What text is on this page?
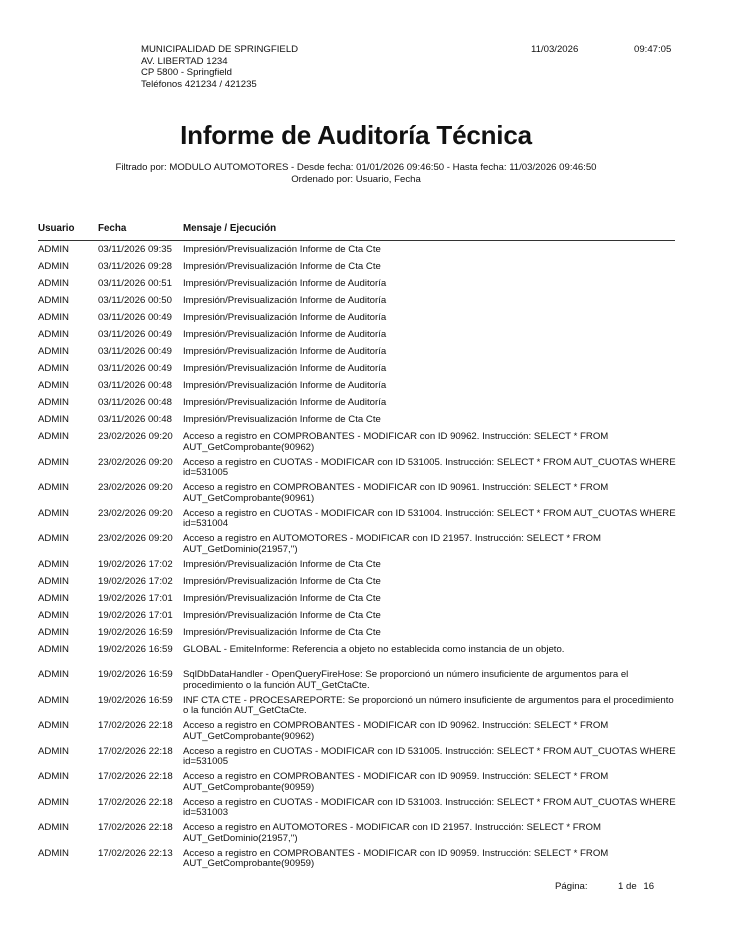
MUNICIPALIDAD DE SPRINGFIELD
AV. LIBERTAD 1234
CP 5800 - Springfield
Teléfonos 421234 / 421235
11/03/2026	09:47:05
Informe de Auditoría Técnica
Filtrado por: MODULO AUTOMOTORES - Desde fecha: 01/01/2026 09:46:50 - Hasta fecha: 11/03/2026 09:46:50
Ordenado por: Usuario, Fecha
Usuario Fecha	Mensaje / Ejecución
ADMIN	03/11/2026 09:35 Impresión/Previsualización Informe de Cta Cte
ADMIN	03/11/2026 09:28 Impresión/Previsualización Informe de Cta Cte
ADMIN	03/11/2026 00:51 Impresión/Previsualización Informe de Auditoría
ADMIN	03/11/2026 00:50 Impresión/Previsualización Informe de Auditoría
ADMIN	03/11/2026 00:49 Impresión/Previsualización Informe de Auditoría
ADMIN	03/11/2026 00:49 Impresión/Previsualización Informe de Auditoría
ADMIN	03/11/2026 00:49 Impresión/Previsualización Informe de Auditoría
ADMIN	03/11/2026 00:49 Impresión/Previsualización Informe de Auditoría
ADMIN	03/11/2026 00:48 Impresión/Previsualización Informe de Auditoría
ADMIN	03/11/2026 00:48 Impresión/Previsualización Informe de Auditoría
ADMIN	03/11/2026 00:48 Impresión/Previsualización Informe de Cta Cte
ADMIN	23/02/2026 09:20 Acceso a registro en COMPROBANTES - MODIFICAR con ID 90962. Instrucción: SELECT * FROM AUT_GetComprobante(90962)
ADMIN	23/02/2026 09:20 Acceso a registro en CUOTAS - MODIFICAR con ID 531005. Instrucción: SELECT * FROM AUT_CUOTAS WHERE id=531005
ADMIN	23/02/2026 09:20 Acceso a registro en COMPROBANTES - MODIFICAR con ID 90961. Instrucción: SELECT * FROM AUT_GetComprobante(90961)
ADMIN	23/02/2026 09:20 Acceso a registro en CUOTAS - MODIFICAR con ID 531004. Instrucción: SELECT * FROM AUT_CUOTAS WHERE id=531004
ADMIN	23/02/2026 09:20 Acceso a registro en AUTOMOTORES - MODIFICAR con ID 21957. Instrucción: SELECT * FROM AUT_GetDominio(21957,'')
ADMIN	19/02/2026 17:02 Impresión/Previsualización Informe de Cta Cte
ADMIN	19/02/2026 17:02 Impresión/Previsualización Informe de Cta Cte
ADMIN	19/02/2026 17:01 Impresión/Previsualización Informe de Cta Cte
ADMIN	19/02/2026 17:01 Impresión/Previsualización Informe de Cta Cte
ADMIN	19/02/2026 16:59 Impresión/Previsualización Informe de Cta Cte
ADMIN	19/02/2026 16:59 GLOBAL - EmiteInforme: Referencia a objeto no establecida como instancia de un objeto.
ADMIN	19/02/2026 16:59 SqlDbDataHandler - OpenQueryFireHose: Se proporcionó un número insuficiente de argumentos para el procedimiento o la función AUT_GetCtaCte.
ADMIN	19/02/2026 16:59 INF CTA CTE - PROCESAREPORTE: Se proporcionó un número insuficiente de argumentos para el procedimiento o la función AUT_GetCtaCte.
ADMIN	17/02/2026 22:18 Acceso a registro en COMPROBANTES - MODIFICAR con ID 90962. Instrucción: SELECT * FROM AUT_GetComprobante(90962)
ADMIN	17/02/2026 22:18 Acceso a registro en CUOTAS - MODIFICAR con ID 531005. Instrucción: SELECT * FROM AUT_CUOTAS WHERE id=531005
ADMIN	17/02/2026 22:18 Acceso a registro en COMPROBANTES - MODIFICAR con ID 90959. Instrucción: SELECT * FROM AUT_GetComprobante(90959)
ADMIN	17/02/2026 22:18 Acceso a registro en CUOTAS - MODIFICAR con ID 531003. Instrucción: SELECT * FROM AUT_CUOTAS WHERE id=531003
ADMIN	17/02/2026 22:18 Acceso a registro en AUTOMOTORES - MODIFICAR con ID 21957. Instrucción: SELECT * FROM AUT_GetDominio(21957,'')
ADMIN	17/02/2026 22:13 Acceso a registro en COMPROBANTES - MODIFICAR con ID 90959. Instrucción: SELECT * FROM AUT_GetComprobante(90959)
Página:	1 de 16
